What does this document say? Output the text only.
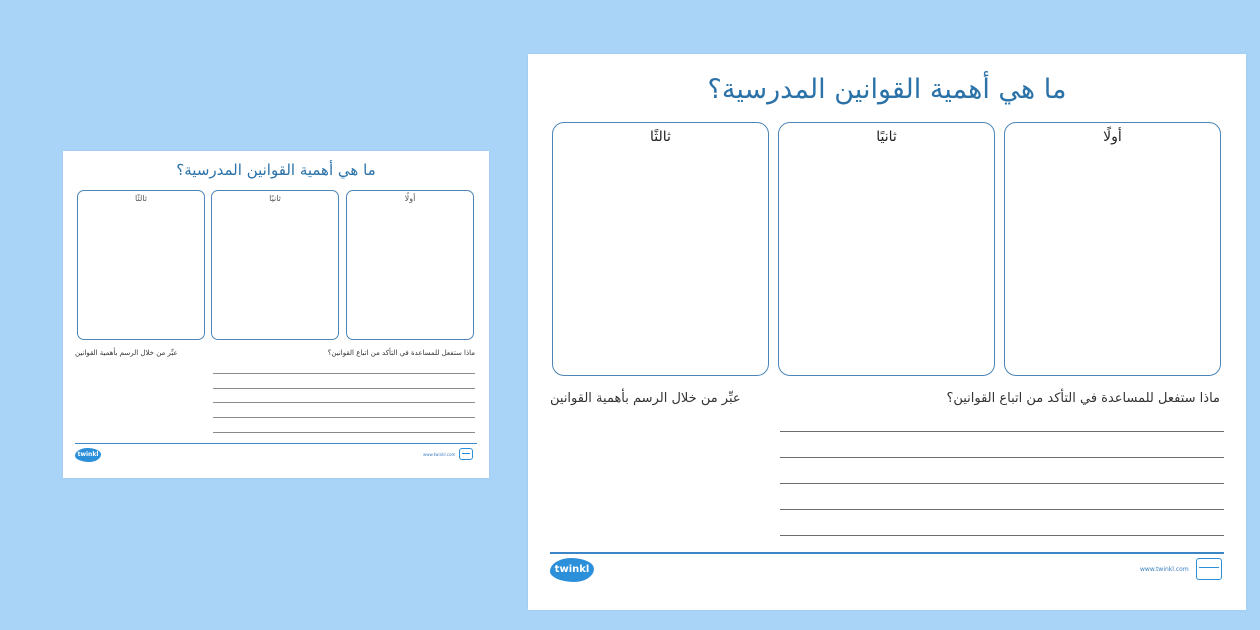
ما هي أهمية القوانين المدرسية؟
ثالثًا	ثانيًا	أولًا
عبِّر من خلال الرسم بأهمية القوانين	ماذا ستفعل للمساعدة في التأكد من اتباع القوانين؟
twinkl	www.twinkl.com
ما هي أهمية القوانين المدرسية؟
ثالثًا	ثانيًا	أولًا
عبِّر من خلال الرسم بأهمية القوانين	ماذا ستفعل للمساعدة في التأكد من اتباع القوانين؟
twinkl	www.twinkl.com
